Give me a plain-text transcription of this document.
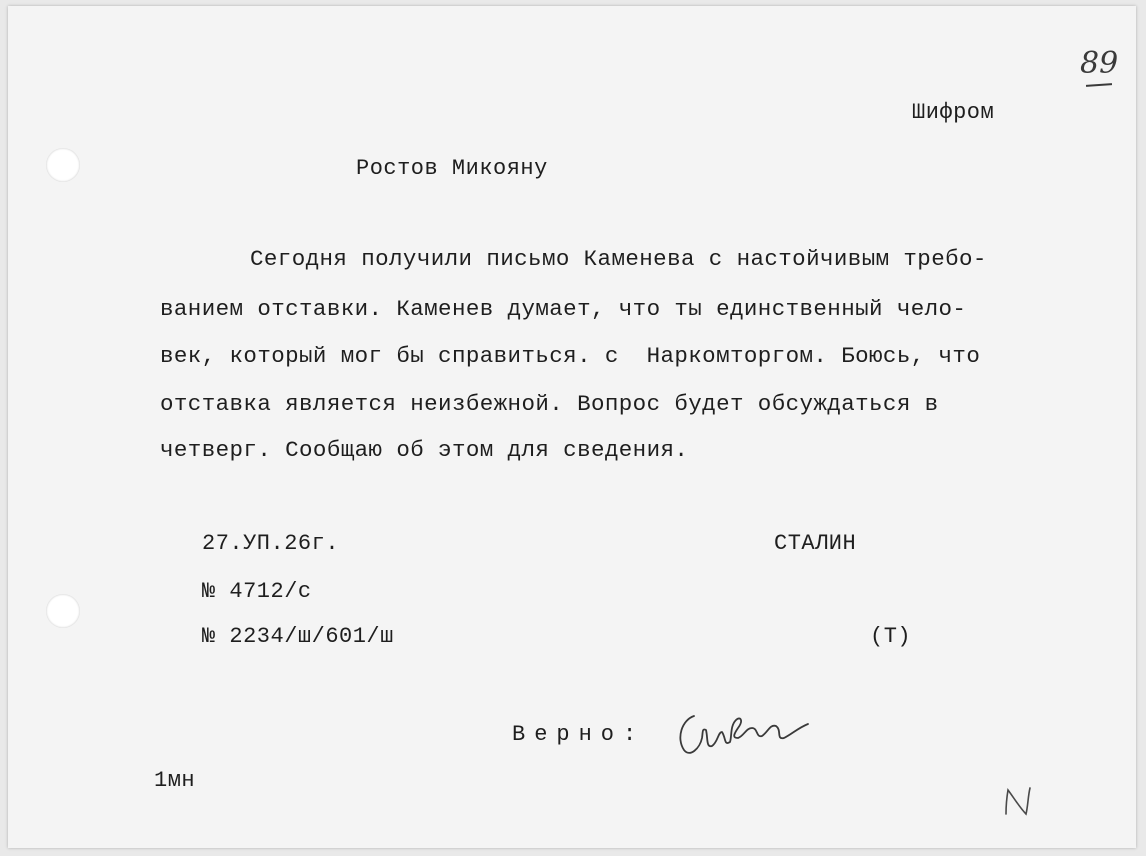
89
Шифром
Ростов Микояну
Сегодня получили письмо Каменева с настойчивым требо-
ванием отставки. Каменев думает, что ты единственный чело-
век, который мог бы справиться. с  Наркомторгом. Боюсь, что
отставка является неизбежной. Вопрос будет обсуждаться в
четверг. Сообщаю об этом для сведения.
27.УП.26г.	СТАЛИН
№ 4712/с
№ 2234/ш/601/ш	(Т)
Верно:
1мн
